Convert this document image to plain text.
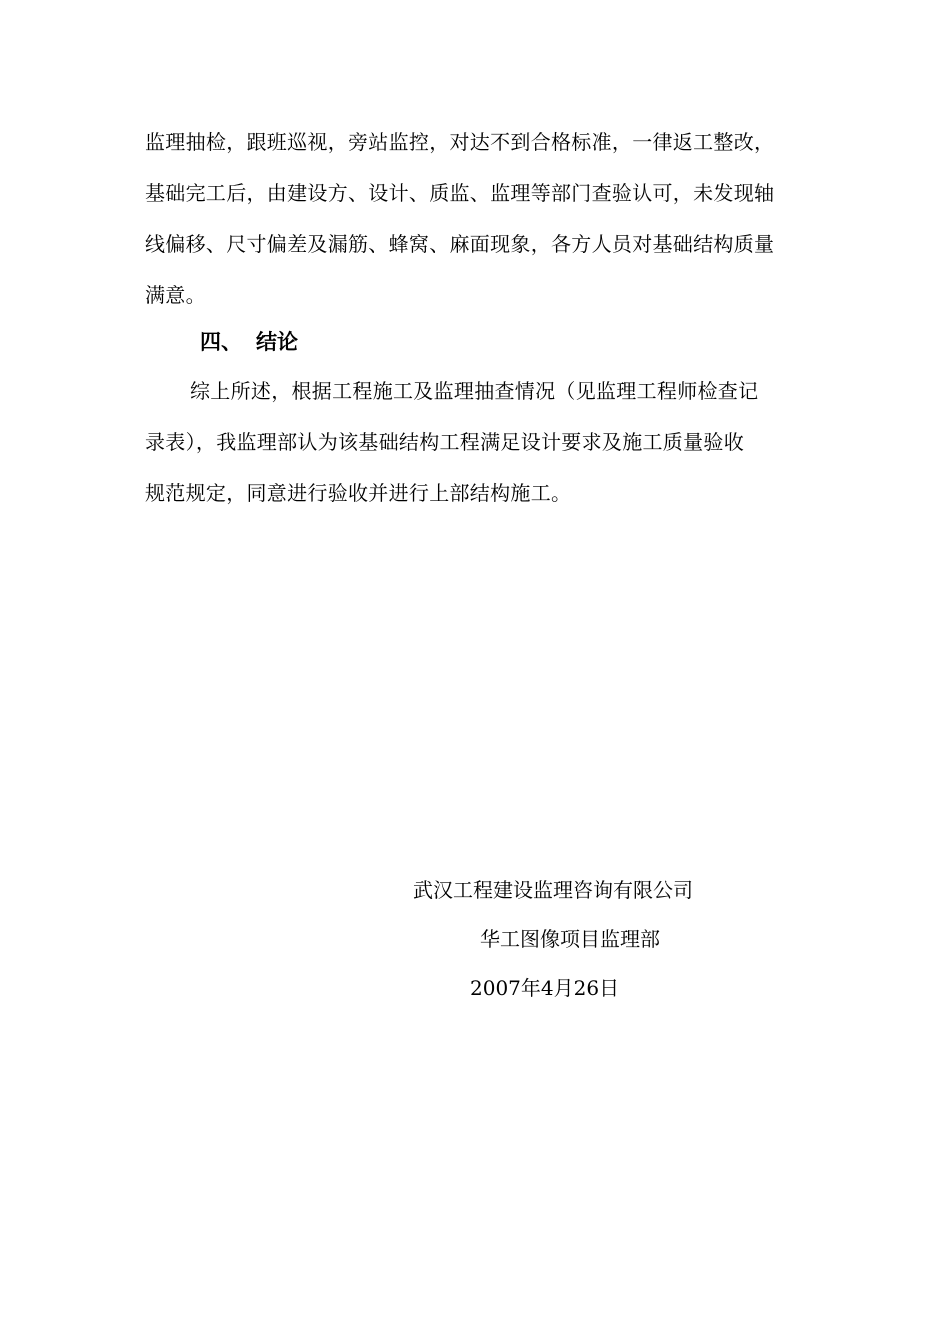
监理抽检，跟班巡视，旁站监控，对达不到合格标准，一律返工整改，
基础完工后，由建设方、设计、质监、监理等部门查验认可，未发现轴
线偏移、尺寸偏差及漏筋、蜂窝、麻面现象，各方人员对基础结构质量
满意。
四、 结论
综上所述，根据工程施工及监理抽查情况（见监理工程师检查记
录表），我监理部认为该基础结构工程满足设计要求及施工质量验收
规范规定，同意进行验收并进行上部结构施工。
武汉工程建设监理咨询有限公司
华工图像项目监理部
2007年4月26日
